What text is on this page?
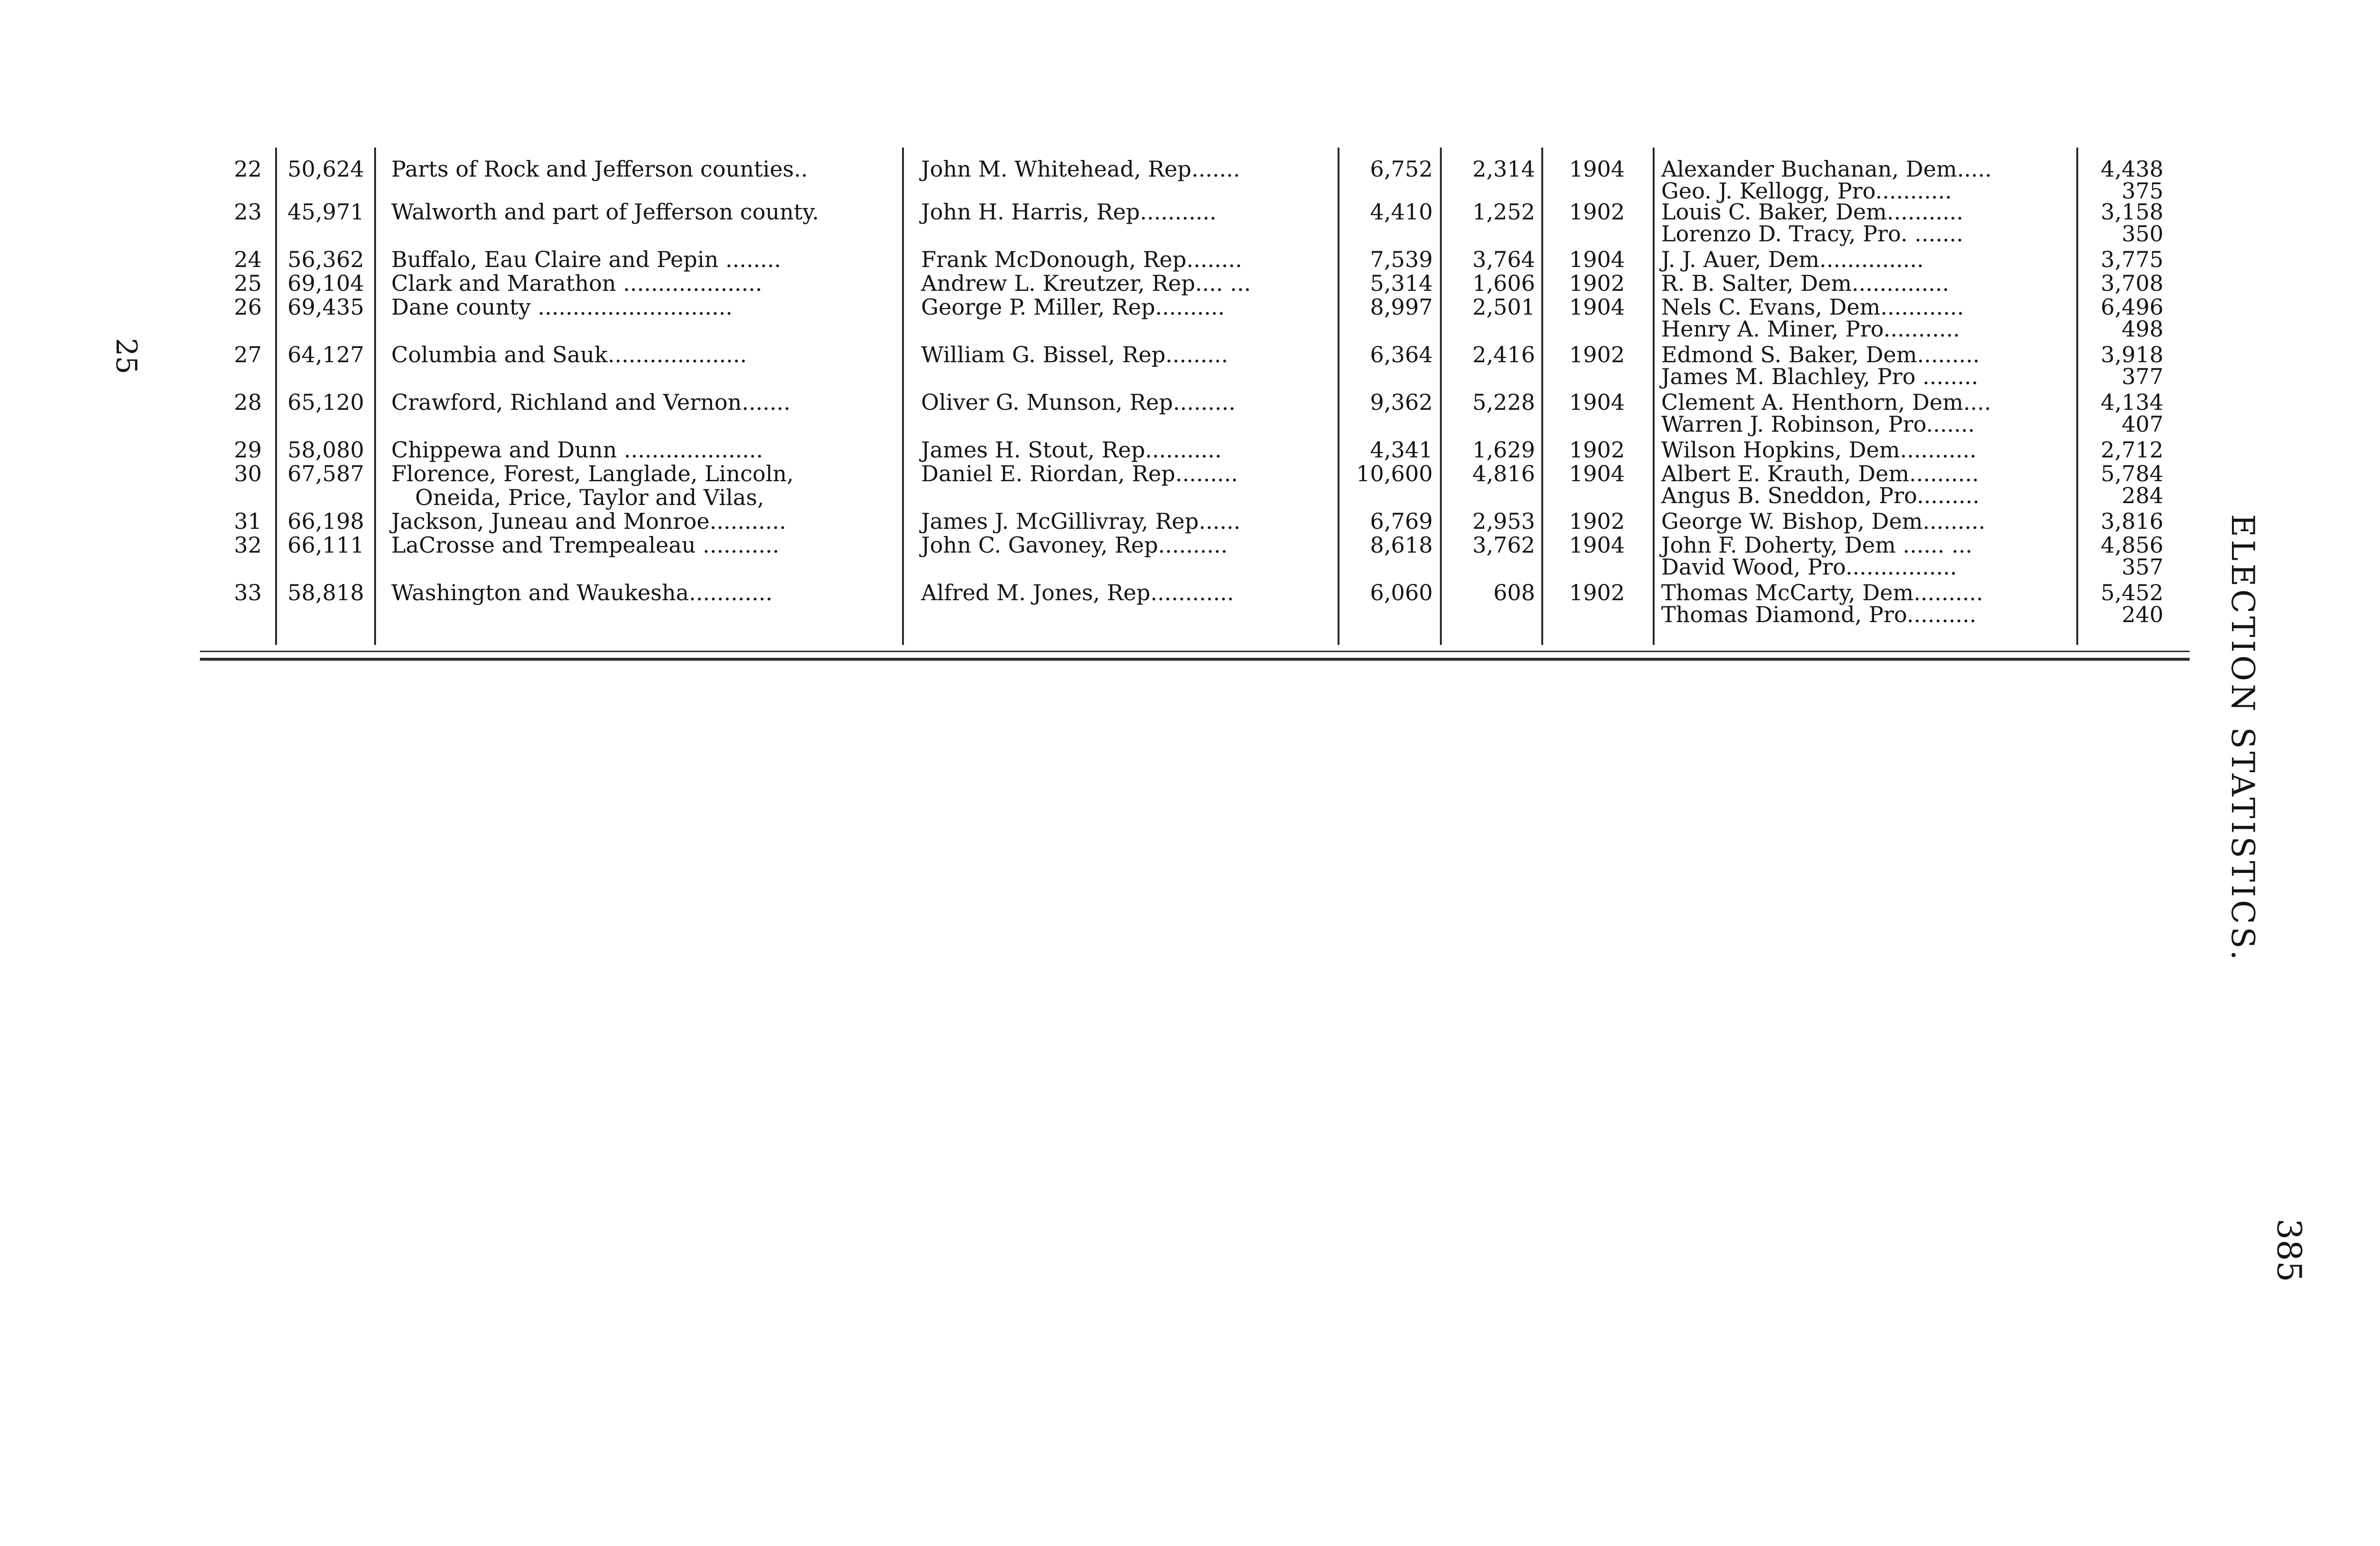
25
ELECTION STATISTICS.
385
22	50,624 Parts of Rock and Jefferson counties..	John M. Whitehead, Rep.......	6,752	2,314	1904	Alexander Buchanan, Dem.....	4,438
Geo. J. Kellogg, Pro...........	375
23	45,971 Walworth and part of Jefferson county.	John H. Harris, Rep...........	4,410	1,252	1902	Louis C. Baker, Dem...........	3,158
Lorenzo D. Tracy, Pro. .......	350
24	56,362 Buffalo, Eau Claire and Pepin ........	Frank McDonough, Rep........	7,539	3,764	1904	J. J. Auer, Dem...............	3,775
25	69,104 Clark and Marathon ....................	Andrew L. Kreutzer, Rep.... ...	5,314	1,606	1902	R. B. Salter, Dem..............	3,708
26	69,435 Dane county ............................	George P. Miller, Rep..........	8,997	2,501	1904	Nels C. Evans, Dem............	6,496
Henry A. Miner, Pro...........	498
27	64,127 Columbia and Sauk....................	William G. Bissel, Rep.........	6,364	2,416	1902	Edmond S. Baker, Dem.........	3,918
James M. Blachley, Pro ........	377
28	65,120 Crawford, Richland and Vernon.......	Oliver G. Munson, Rep.........	9,362	5,228	1904	Clement A. Henthorn, Dem....	4,134
Warren J. Robinson, Pro.......	407
29	58,080 Chippewa and Dunn ....................	James H. Stout, Rep...........	4,341	1,629	1902	Wilson Hopkins, Dem...........	2,712
30	67,587 Florence, Forest, Langlade, Lincoln,
Oneida, Price, Taylor and Vilas,
Daniel E. Riordan, Rep.........	10,600	4,816	1904	Albert E. Krauth, Dem..........	5,784
Angus B. Sneddon, Pro.........	284
31	66,198 Jackson, Juneau and Monroe...........	James J. McGillivray, Rep......	6,769	2,953	1902	George W. Bishop, Dem.........	3,816
32	66,111 LaCrosse and Trempealeau ...........	John C. Gavoney, Rep..........	8,618	3,762	1904	John F. Doherty, Dem ...... ...	4,856
David Wood, Pro................	357
33	58,818 Washington and Waukesha............	Alfred M. Jones, Rep............	6,060	608	1902	Thomas McCarty, Dem..........	5,452
Thomas Diamond, Pro..........	240
